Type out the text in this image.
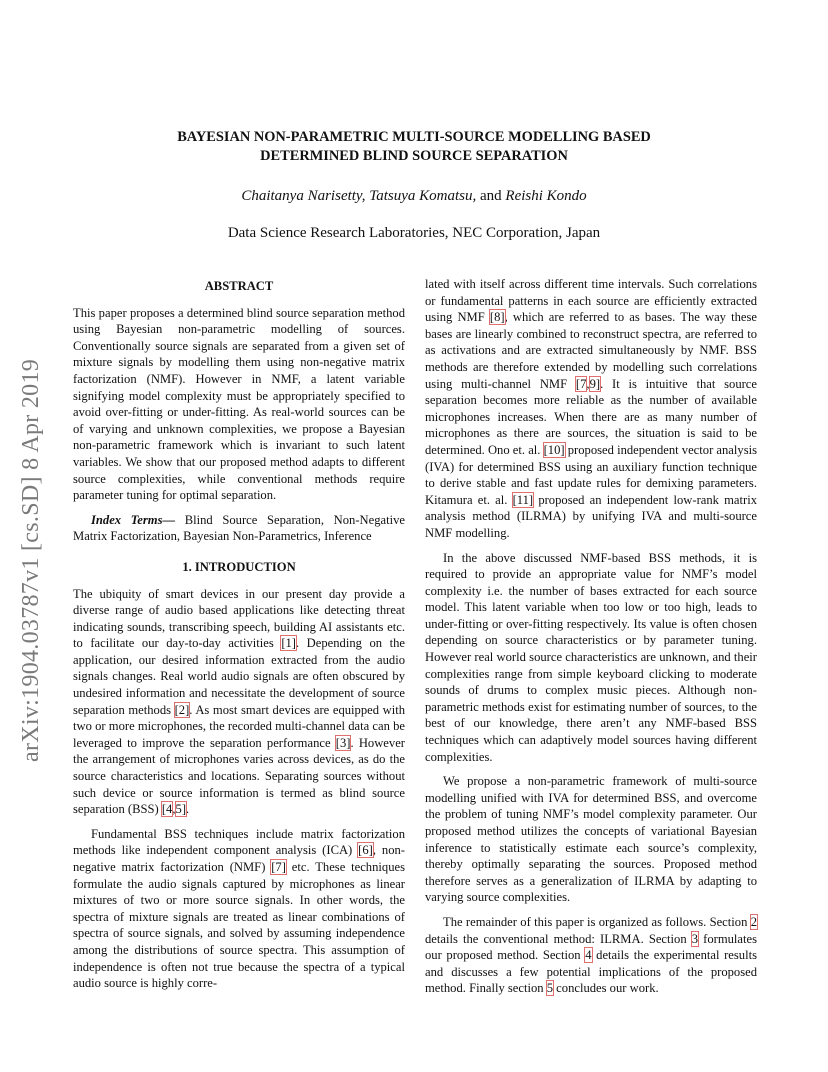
arXiv:1904.03787v1 [cs.SD] 8 Apr 2019
BAYESIAN NON-PARAMETRIC MULTI-SOURCE MODELLING BASED
DETERMINED BLIND SOURCE SEPARATION
Chaitanya Narisetty, Tatsuya Komatsu, and Reishi Kondo
Data Science Research Laboratories, NEC Corporation, Japan
ABSTRACT

This paper proposes a determined blind source separation method using Bayesian non-parametric modelling of sources. Conventionally source signals are separated from a given set of mixture signals by modelling them using non-negative matrix factorization (NMF). However in NMF, a latent variable signifying model complexity must be appropriately specified to avoid over-fitting or under-fitting. As real-world sources can be of varying and unknown complexities, we propose a Bayesian non-parametric framework which is invariant to such latent variables. We show that our proposed method adapts to different source complexities, while conventional methods require parameter tuning for optimal separation.

Index Terms— Blind Source Separation, Non-Negative Matrix Factorization, Bayesian Non-Parametrics, Inference

1. INTRODUCTION

The ubiquity of smart devices in our present day provide a diverse range of audio based applications like detecting threat indicating sounds, transcribing speech, building AI assistants etc. to facilitate our day-to-day activities [1]. Depending on the application, our desired information extracted from the audio signals changes. Real world audio signals are often obscured by undesired information and necessitate the development of source separation methods [2]. As most smart devices are equipped with two or more microphones, the recorded multi-channel data can be leveraged to improve the separation performance [3]. However the arrangement of microphones varies across devices, as do the source characteristics and locations. Separating sources without such device or source information is termed as blind source separation (BSS) [4,5].

Fundamental BSS techniques include matrix factorization methods like independent component analysis (ICA) [6], non-negative matrix factorization (NMF) [7] etc. These techniques formulate the audio signals captured by microphones as linear mixtures of two or more source signals. In other words, the spectra of mixture signals are treated as linear combinations of spectra of source signals, and solved by assuming independence among the distributions of source spectra. This assumption of independence is often not true because the spectra of a typical audio source is highly corre-

lated with itself across different time intervals. Such correlations or fundamental patterns in each source are efficiently extracted using NMF [8], which are referred to as bases. The way these bases are linearly combined to reconstruct spectra, are referred to as activations and are extracted simultaneously by NMF. BSS methods are therefore extended by modelling such correlations using multi-channel NMF [7,9]. It is intuitive that source separation becomes more reliable as the number of available microphones increases. When there are as many number of microphones as there are sources, the situation is said to be determined. Ono et. al. [10] proposed independent vector analysis (IVA) for determined BSS using an auxiliary function technique to derive stable and fast update rules for demixing parameters. Kitamura et. al. [11] proposed an independent low-rank matrix analysis method (ILRMA) by unifying IVA and multi-source NMF modelling.

In the above discussed NMF-based BSS methods, it is required to provide an appropriate value for NMF’s model complexity i.e. the number of bases extracted for each source model. This latent variable when too low or too high, leads to under-fitting or over-fitting respectively. Its value is often chosen depending on source characteristics or by parameter tuning. However real world source characteristics are unknown, and their complexities range from simple keyboard clicking to moderate sounds of drums to complex music pieces. Although non-parametric methods exist for estimating number of sources, to the best of our knowledge, there aren’t any NMF-based BSS techniques which can adaptively model sources having different complexities.

We propose a non-parametric framework of multi-source modelling unified with IVA for determined BSS, and overcome the problem of tuning NMF’s model complexity parameter. Our proposed method utilizes the concepts of variational Bayesian inference to statistically estimate each source’s complexity, thereby optimally separating the sources. Proposed method therefore serves as a generalization of ILRMA by adapting to varying source complexities.

The remainder of this paper is organized as follows. Section 2 details the conventional method: ILRMA. Section 3 formulates our proposed method. Section 4 details the experimental results and discusses a few potential implications of the proposed method. Finally section 5 concludes our work.
